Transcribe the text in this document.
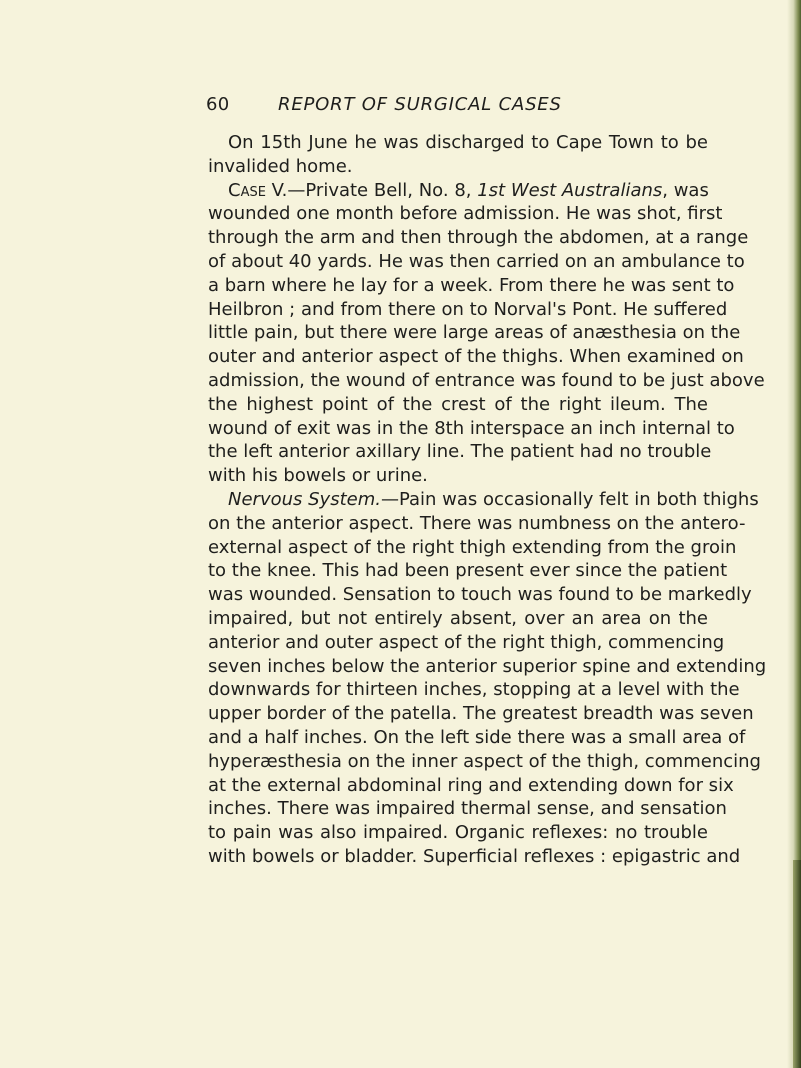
60	REPORT OF SURGICAL CASES
On 15th June he was discharged to Cape Town to be
invalided home.
Case V.—Private Bell, No. 8, 1st West Australians, was
wounded one month before admission. He was shot, first
through the arm and then through the abdomen, at a range
of about 40 yards. He was then carried on an ambulance to
a barn where he lay for a week. From there he was sent to
Heilbron ; and from there on to Norval's Pont. He suffered
little pain, but there were large areas of anæsthesia on the
outer and anterior aspect of the thighs. When examined on
admission, the wound of entrance was found to be just above
the highest point of the crest of the right ileum. The
wound of exit was in the 8th interspace an inch internal to
the left anterior axillary line. The patient had no trouble
with his bowels or urine.
Nervous System.—Pain was occasionally felt in both thighs
on the anterior aspect. There was numbness on the antero-
external aspect of the right thigh extending from the groin
to the knee. This had been present ever since the patient
was wounded. Sensation to touch was found to be markedly
impaired, but not entirely absent, over an area on the
anterior and outer aspect of the right thigh, commencing
seven inches below the anterior superior spine and extending
downwards for thirteen inches, stopping at a level with the
upper border of the patella. The greatest breadth was seven
and a half inches. On the left side there was a small area of
hyperæsthesia on the inner aspect of the thigh, commencing
at the external abdominal ring and extending down for six
inches. There was impaired thermal sense, and sensation
to pain was also impaired. Organic reflexes: no trouble
with bowels or bladder. Superficial reflexes : epigastric and
